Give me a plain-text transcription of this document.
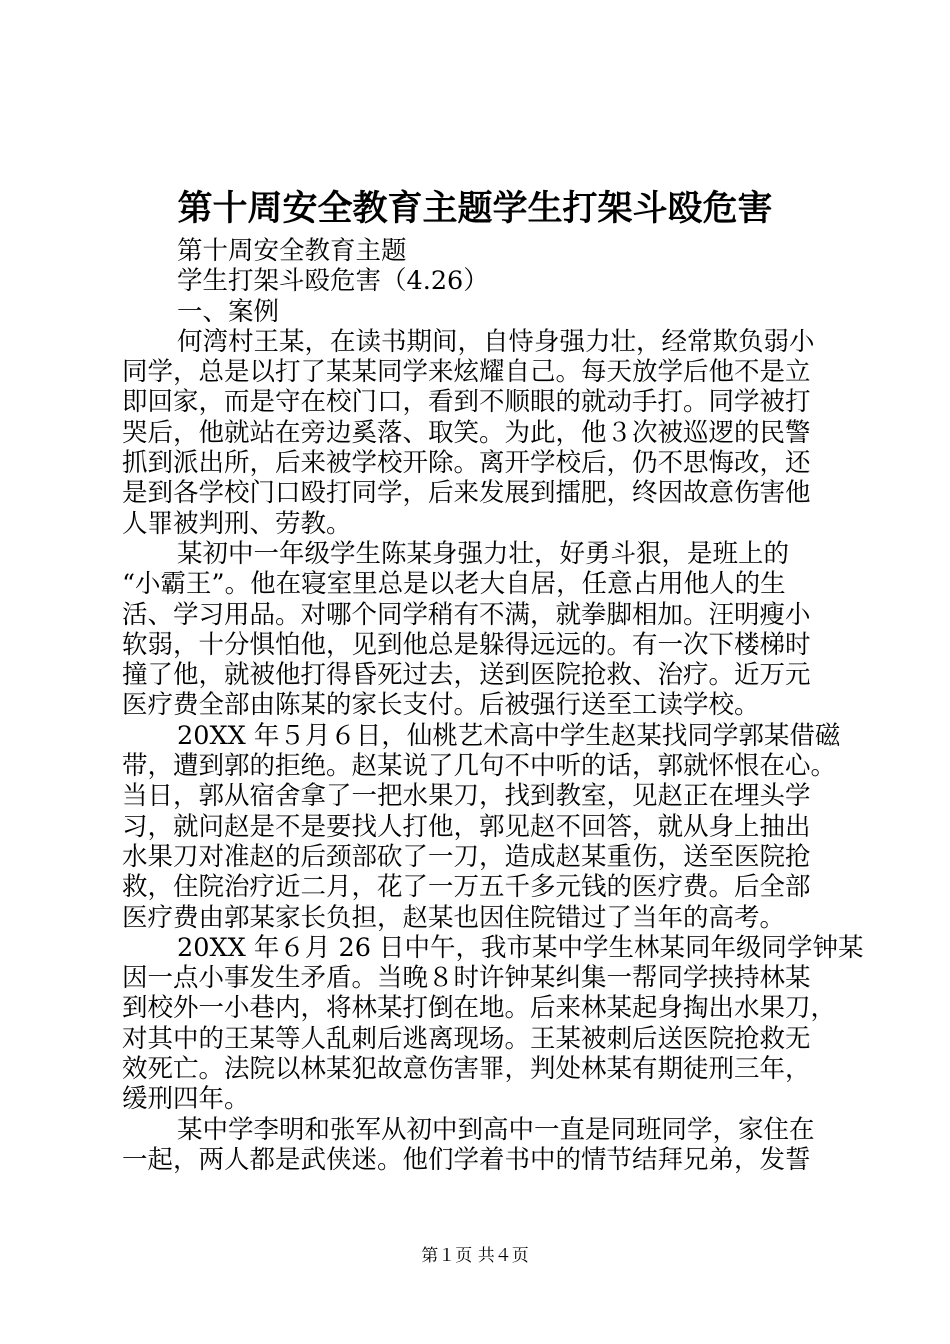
第十周安全教育主题学生打架斗殴危害
第十周安全教育主题
学生打架斗殴危害（4.26）
一、案例
何湾村王某，在读书期间，自恃身强力壮，经常欺负弱小
同学，总是以打了某某同学来炫耀自己。每天放学后他不是立
即回家，而是守在校门口，看到不顺眼的就动手打。同学被打
哭后，他就站在旁边奚落、取笑。为此，他３次被巡逻的民警
抓到派出所，后来被学校开除。离开学校后，仍不思悔改，还
是到各学校门口殴打同学，后来发展到擂肥，终因故意伤害他
人罪被判刑、劳教。
某初中一年级学生陈某身强力壮，好勇斗狠，是班上的
“小霸王”。他在寝室里总是以老大自居，任意占用他人的生
活、学习用品。对哪个同学稍有不满，就拳脚相加。汪明瘦小
软弱，十分惧怕他，见到他总是躲得远远的。有一次下楼梯时
撞了他，就被他打得昏死过去，送到医院抢救、治疗。近万元
医疗费全部由陈某的家长支付。后被强行送至工读学校。
20XX 年５月６日，仙桃艺术高中学生赵某找同学郭某借磁
带，遭到郭的拒绝。赵某说了几句不中听的话，郭就怀恨在心。
当日，郭从宿舍拿了一把水果刀，找到教室，见赵正在埋头学
习，就问赵是不是要找人打他，郭见赵不回答，就从身上抽出
水果刀对准赵的后颈部砍了一刀，造成赵某重伤，送至医院抢
救，住院治疗近二月，花了一万五千多元钱的医疗费。后全部
医疗费由郭某家长负担，赵某也因住院错过了当年的高考。
20XX 年６月 26 日中午，我市某中学生林某同年级同学钟某
因一点小事发生矛盾。当晚８时许钟某纠集一帮同学挟持林某
到校外一小巷内，将林某打倒在地。后来林某起身掏出水果刀，
对其中的王某等人乱刺后逃离现场。王某被刺后送医院抢救无
效死亡。法院以林某犯故意伤害罪，判处林某有期徒刑三年，
缓刑四年。
某中学李明和张军从初中到高中一直是同班同学，家住在
一起，两人都是武侠迷。他们学着书中的情节结拜兄弟，发誓
第１页 共４页
